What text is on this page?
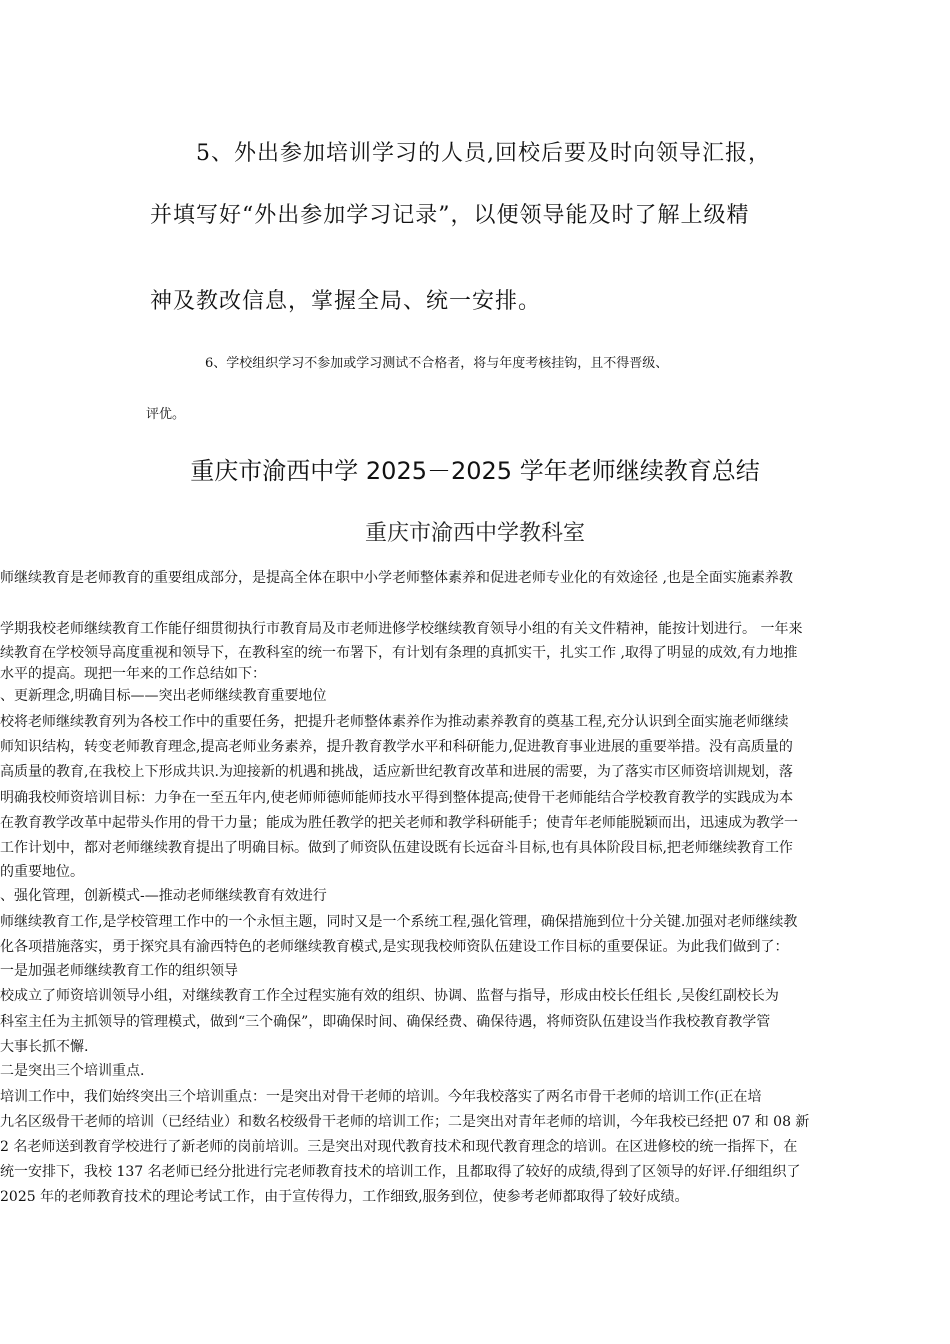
5、外出参加培训学习的人员,回校后要及时向领导汇报，
并填写好“外出参加学习记录”，以便领导能及时了解上级精
神及教改信息，掌握全局、统一安排。
6、学校组织学习不参加或学习测试不合格者，将与年度考核挂钩，且不得晋级、
评优。
重庆市渝西中学 2025－2025 学年老师继续教育总结
重庆市渝西中学教科室
师继续教育是老师教育的重要组成部分，是提高全体在职中小学老师整体素养和促进老师专业化的有效途径 ,也是全面实施素养教
学期我校老师继续教育工作能仔细贯彻执行市教育局及市老师进修学校继续教育领导小组的有关文件精神，能按计划进行。 一年来
续教育在学校领导高度重视和领导下，在教科室的统一布署下，有计划有条理的真抓实干，扎实工作 ,取得了明显的成效,有力地推
水平的提高。现把一年来的工作总结如下：
、更新理念,明确目标——突出老师继续教育重要地位
校将老师继续教育列为各校工作中的重要任务，把提升老师整体素养作为推动素养教育的奠基工程,充分认识到全面实施老师继续
师知识结构，转变老师教育理念,提高老师业务素养，提升教育教学水平和科研能力,促进教育事业进展的重要举措。没有高质量的
高质量的教育,在我校上下形成共识.为迎接新的机遇和挑战，适应新世纪教育改革和进展的需要，为了落实市区师资培训规划，落
明确我校师资培训目标：力争在一至五年内,使老师师德师能师技水平得到整体提高;使骨干老师能结合学校教育教学的实践成为本
在教育教学改革中起带头作用的骨干力量；能成为胜任教学的把关老师和教学科研能手；使青年老师能脱颖而出，迅速成为教学一
工作计划中，都对老师继续教育提出了明确目标。做到了师资队伍建设既有长远奋斗目标,也有具体阶段目标,把老师继续教育工作
的重要地位。
、强化管理，创新模式-—推动老师继续教育有效进行
师继续教育工作,是学校管理工作中的一个永恒主题，同时又是一个系统工程,强化管理，确保措施到位十分关键.加强对老师继续教
化各项措施落实，勇于探究具有渝西特色的老师继续教育模式,是实现我校师资队伍建设工作目标的重要保证。为此我们做到了：
一是加强老师继续教育工作的组织领导
校成立了师资培训领导小组，对继续教育工作全过程实施有效的组织、协调、监督与指导，形成由校长任组长 ,吴俊红副校长为
科室主任为主抓领导的管理模式，做到“三个确保”，即确保时间、确保经费、确保待遇，将师资队伍建设当作我校教育教学管
大事长抓不懈.
二是突出三个培训重点.
培训工作中，我们始终突出三个培训重点：一是突出对骨干老师的培训。今年我校落实了两名市骨干老师的培训工作(正在培
九名区级骨干老师的培训（已经结业）和数名校级骨干老师的培训工作；二是突出对青年老师的培训，今年我校已经把 07 和 08 新
2 名老师送到教育学校进行了新老师的岗前培训。三是突出对现代教育技术和现代教育理念的培训。在区进修校的统一指挥下，在
统一安排下，我校 137 名老师已经分批进行完老师教育技术的培训工作，且都取得了较好的成绩,得到了区领导的好评.仔细组织了
2025 年的老师教育技术的理论考试工作，由于宣传得力，工作细致,服务到位，使参考老师都取得了较好成绩。
